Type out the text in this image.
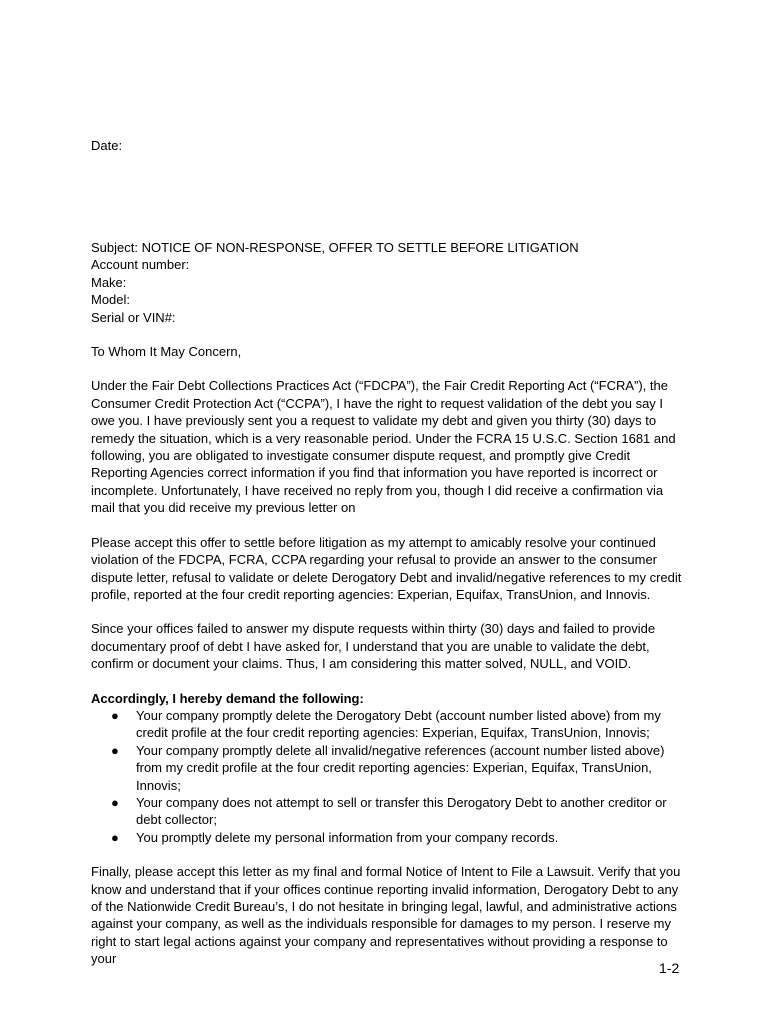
Date:

Subject: NOTICE OF NON-RESPONSE, OFFER TO SETTLE BEFORE LITIGATION

Account number:

Make:

Model:

Serial or VIN#:

To Whom It May Concern,

Under the Fair Debt Collections Practices Act (“FDCPA”), the Fair Credit Reporting Act (“FCRA”), the Consumer Credit Protection Act (“CCPA”), I have the right to request validation of the debt you say I owe you. I have previously sent you a request to validate my debt and given you thirty (30) days to remedy the situation, which is a very reasonable period. Under the FCRA 15 U.S.C. Section 1681 and following, you are obligated to investigate consumer dispute request, and promptly give Credit Reporting Agencies correct information if you find that information you have reported is incorrect or incomplete. Unfortunately, I have received no reply from you, though I did receive a confirmation via mail that you did receive my previous letter on

Please accept this offer to settle before litigation as my attempt to amicably resolve your continued violation of the FDCPA, FCRA, CCPA regarding your refusal to provide an answer to the consumer dispute letter, refusal to validate or delete Derogatory Debt and invalid/negative references to my credit profile, reported at the four credit reporting agencies: Experian, Equifax, TransUnion, and Innovis.

Since your offices failed to answer my dispute requests within thirty (30) days and failed to provide documentary proof of debt I have asked for, I understand that you are unable to validate the debt, confirm or document your claims. Thus, I am considering this matter solved, NULL, and VOID.

Accordingly, I hereby demand the following:

● Your company promptly delete the Derogatory Debt (account number listed above) from my credit profile at the four credit reporting agencies: Experian, Equifax, TransUnion, Innovis;
● Your company promptly delete all invalid/negative references (account number listed above) from my credit profile at the four credit reporting agencies: Experian, Equifax, TransUnion, Innovis;
● Your company does not attempt to sell or transfer this Derogatory Debt to another creditor or debt collector;
● You promptly delete my personal information from your company records.

Finally, please accept this letter as my final and formal Notice of Intent to File a Lawsuit. Verify that you know and understand that if your offices continue reporting invalid information, Derogatory Debt to any of the Nationwide Credit Bureau’s, I do not hesitate in bringing legal, lawful, and administrative actions against your company, as well as the individuals responsible for damages to my person. I reserve my right to start legal actions against your company and representatives without providing a response to your

1-2
